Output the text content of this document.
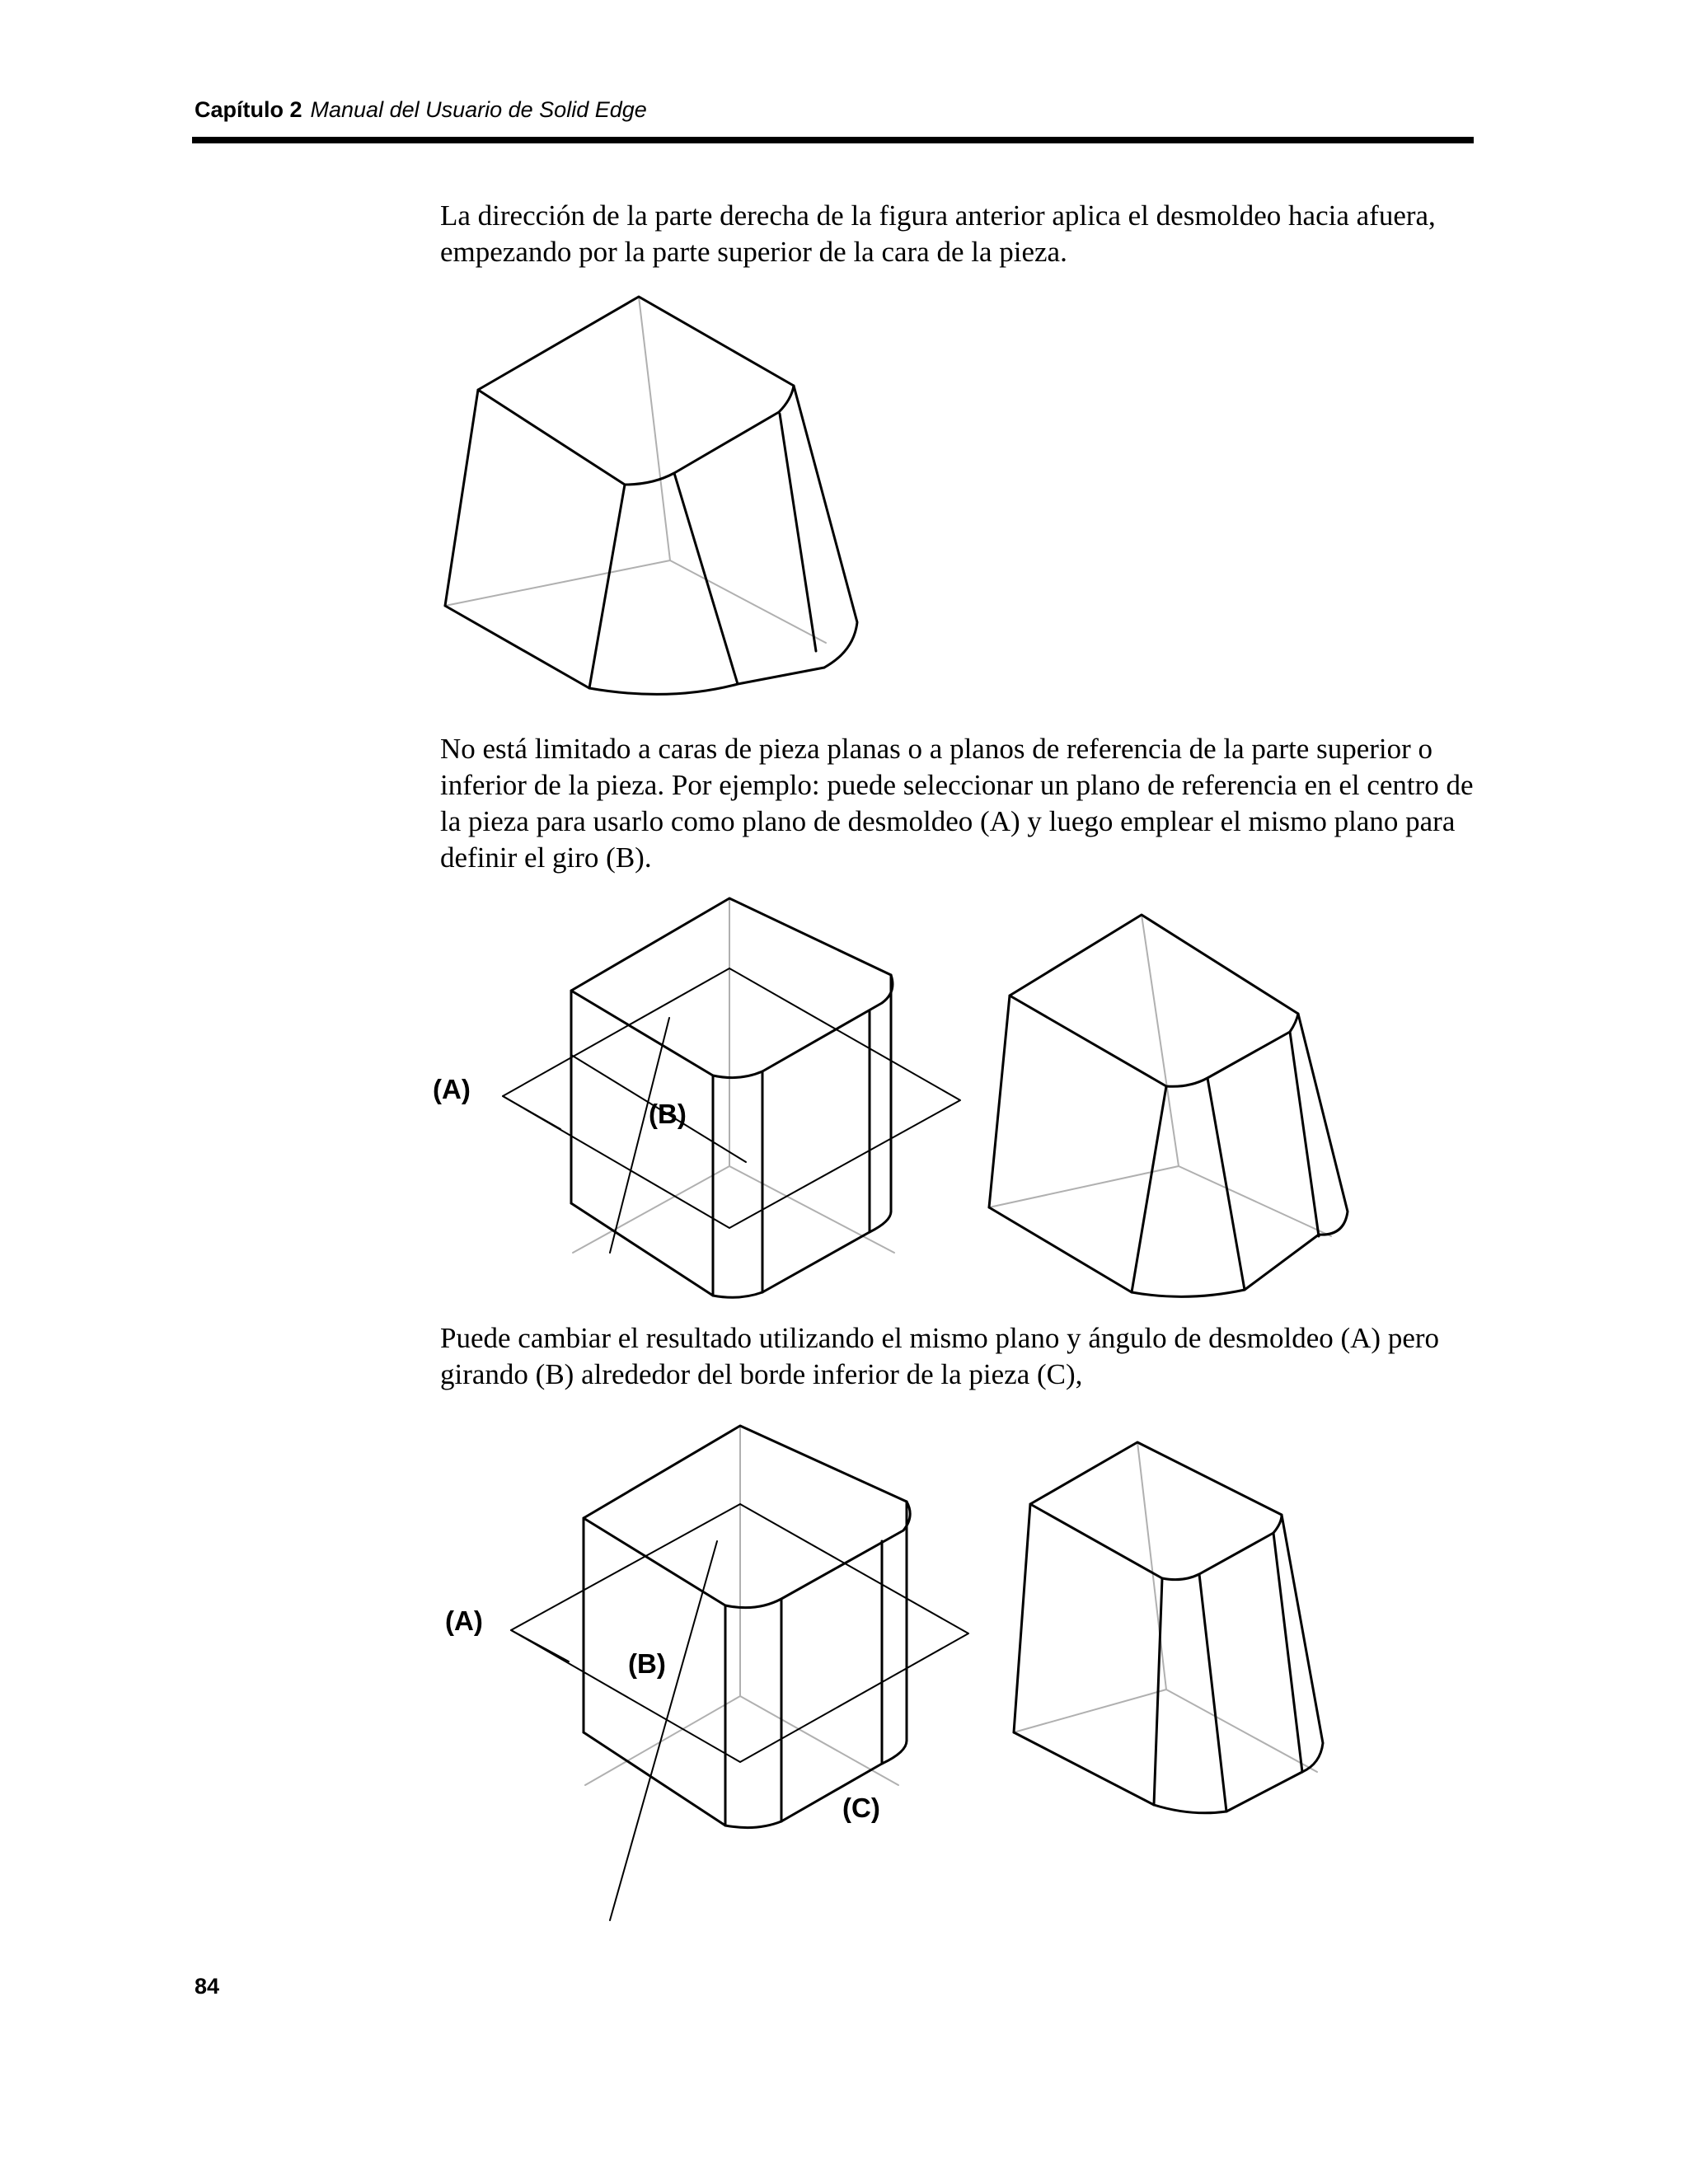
Capítulo 2 Manual del Usuario de Solid Edge

La dirección de la parte derecha de la figura anterior aplica el desmoldeo hacia afuera, empezando por la parte superior de la cara de la pieza.

No está limitado a caras de pieza planas o a planos de referencia de la parte superior o inferior de la pieza. Por ejemplo: puede seleccionar un plano de referencia en el centro de la pieza para usarlo como plano de desmoldeo (A) y luego emplear el mismo plano para definir el giro (B).

(A)
(B)

Puede cambiar el resultado utilizando el mismo plano y ángulo de desmoldeo (A) pero girando (B) alrededor del borde inferior de la pieza (C),

(A)
(B)
(C)
84
